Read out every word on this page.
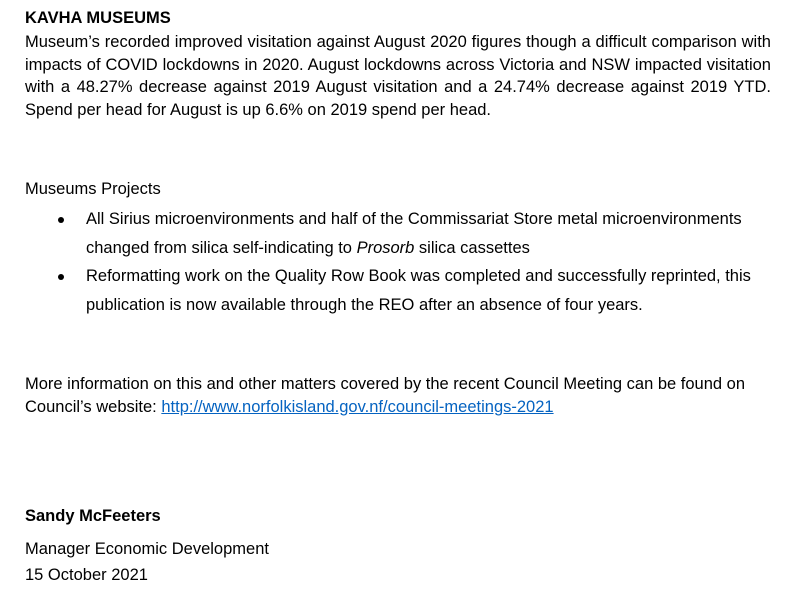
KAVHA MUSEUMS
Museum’s recorded improved visitation against August 2020 figures though a difficult comparison with impacts of COVID lockdowns in 2020. August lockdowns across Victoria and NSW impacted visitation with a 48.27% decrease against 2019 August visitation and a 24.74% decrease against 2019 YTD. Spend per head for August is up 6.6% on 2019 spend per head.
Museums Projects
All Sirius microenvironments and half of the Commissariat Store metal microenvironments changed from silica self-indicating to Prosorb silica cassettes
Reformatting work on the Quality Row Book was completed and successfully reprinted, this publication is now available through the REO after an absence of four years.
More information on this and other matters covered by the recent Council Meeting can be found on Council’s website: http://www.norfolkisland.gov.nf/council-meetings-2021
Sandy McFeeters
Manager Economic Development
15 October 2021
